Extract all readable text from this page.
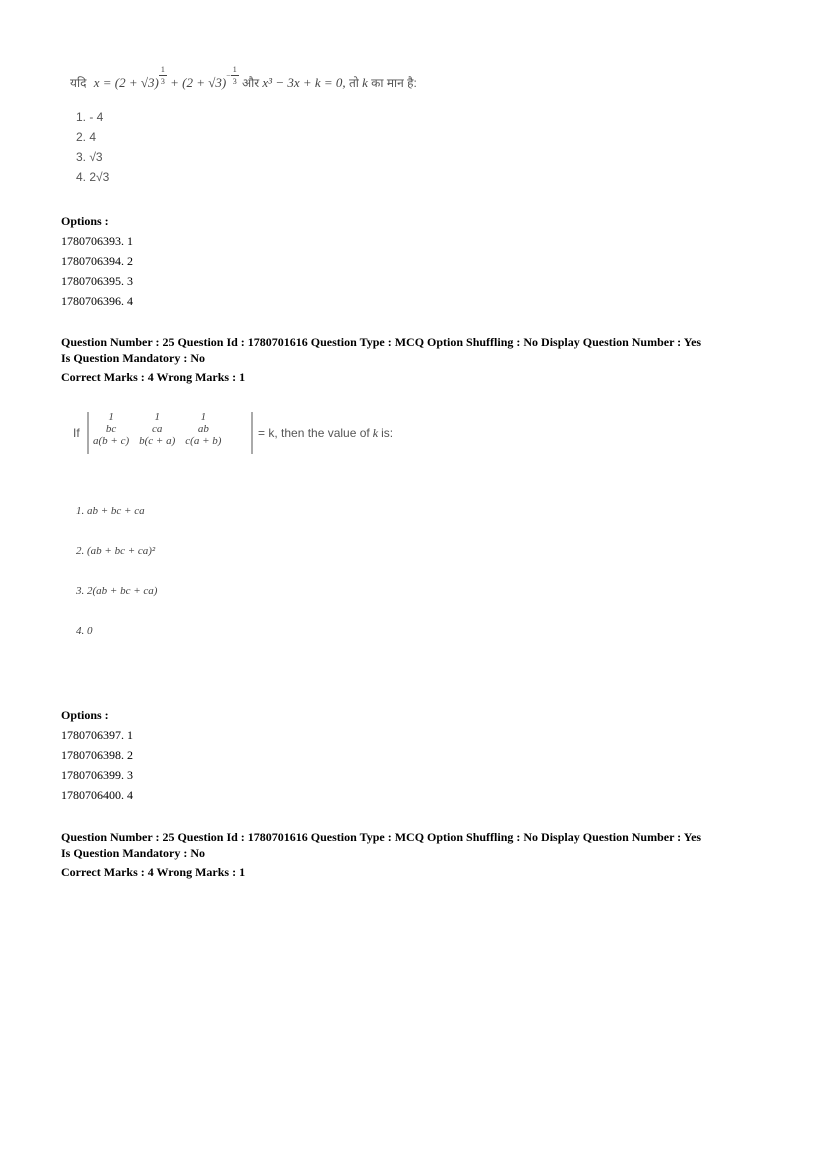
यदि x = (2 + √3) $^{\frac{1}{3}} + (2 + √3)^{- \frac{1}{3}}$ और x³ − 3x + k = 0, तो k का मान है:
1. - 4
2. 4
3. √3
4. 2√3
Options :
1780706393. 1
1780706394. 2
1780706395. 3
1780706396. 4
Question Number : 25 Question Id : 1780701616 Question Type : MCQ Option Shuffling : No Display Question Number : Yes
Is Question Mandatory : No
Correct Marks : 4 Wrong Marks : 1
If
1	1	1
bc	ca	ab
a(b + c)	b(c + a)	c(a + b)
= k, then the value of k is:
1. ab + bc + ca
2. (ab + bc + ca)²
3. 2(ab + bc + ca)
4. 0
Options :
1780706397. 1
1780706398. 2
1780706399. 3
1780706400. 4
Question Number : 25 Question Id : 1780701616 Question Type : MCQ Option Shuffling : No Display Question Number : Yes
Is Question Mandatory : No
Correct Marks : 4 Wrong Marks : 1
